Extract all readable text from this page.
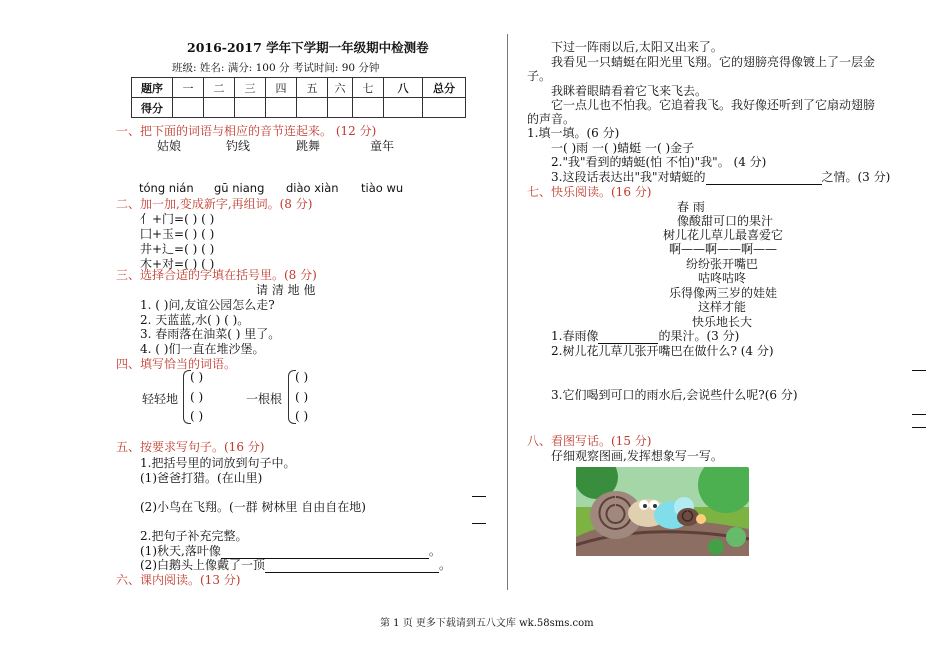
2016-2017 学年下学期一年级期中检测卷
班级: 姓名: 满分: 100 分 考试时间: 90 分钟
题序	一	二	三	四	五	六	七	八	总分
得分									
一、把下面的词语与相应的音节连起来。 (12 分)
姑娘	钓线	跳舞	童年
tóng nián gū niang diào xiàn tiào wu
二、加一加,变成新字,再组词。(8 分)
亻+门=( ) ( )
囗+玉=( ) ( )
井+辶=( ) ( )
木+对=( ) ( )
三、选择合适的字填在括号里。(8 分)
请 清 地 他
1. ( )问,友谊公园怎么走?
2. 天蓝蓝,水( ) ( )。
3. 春雨落在油菜( ) 里了。
4. ( )们一直在堆沙堡。
四、填写恰当的词语。
轻轻地
( )
( )
( )
一根根
( )
( )
( )
五、按要求写句子。(16 分)
1.把括号里的词放到句子中。
(1)爸爸打猎。(在山里)
(2)小鸟在飞翔。(一群 树林里 自由自在地)
2.把句子补充完整。
(1)秋天,落叶像	。
(2)白鹅头上像戴了一顶	。
六、课内阅读。(13 分)
下过一阵雨以后,太阳又出来了。
我看见一只蜻蜓在阳光里飞翔。它的翅膀亮得像镀上了一层金
子。
我眯着眼睛看着它飞来飞去。
它一点儿也不怕我。它追着我飞。我好像还听到了它扇动翅膀
的声音。
1.填一填。(6 分)
一( )雨 一( )蜻蜓 一( )金子
2."我"看到的蜻蜓(怕 不怕)"我"。 (4 分)
3.这段话表达出"我"对蜻蜓的	之情。(3 分)
七、快乐阅读。(16 分)
春 雨
像酸甜可口的果汁
树儿花儿草儿最喜爱它
啊——啊——啊——
纷纷张开嘴巴
咕咚咕咚
乐得像两三岁的娃娃
这样才能
快乐地长大
1.春雨像	的果汁。(3 分)
2.树儿花儿草儿张开嘴巴在做什么? (4 分)
3.它们喝到可口的雨水后,会说些什么呢?(6 分)
八、看图写话。(15 分)
仔细观察图画,发挥想象写一写。
第 1 页 更多下载请到五八文库 wk.58sms.com
